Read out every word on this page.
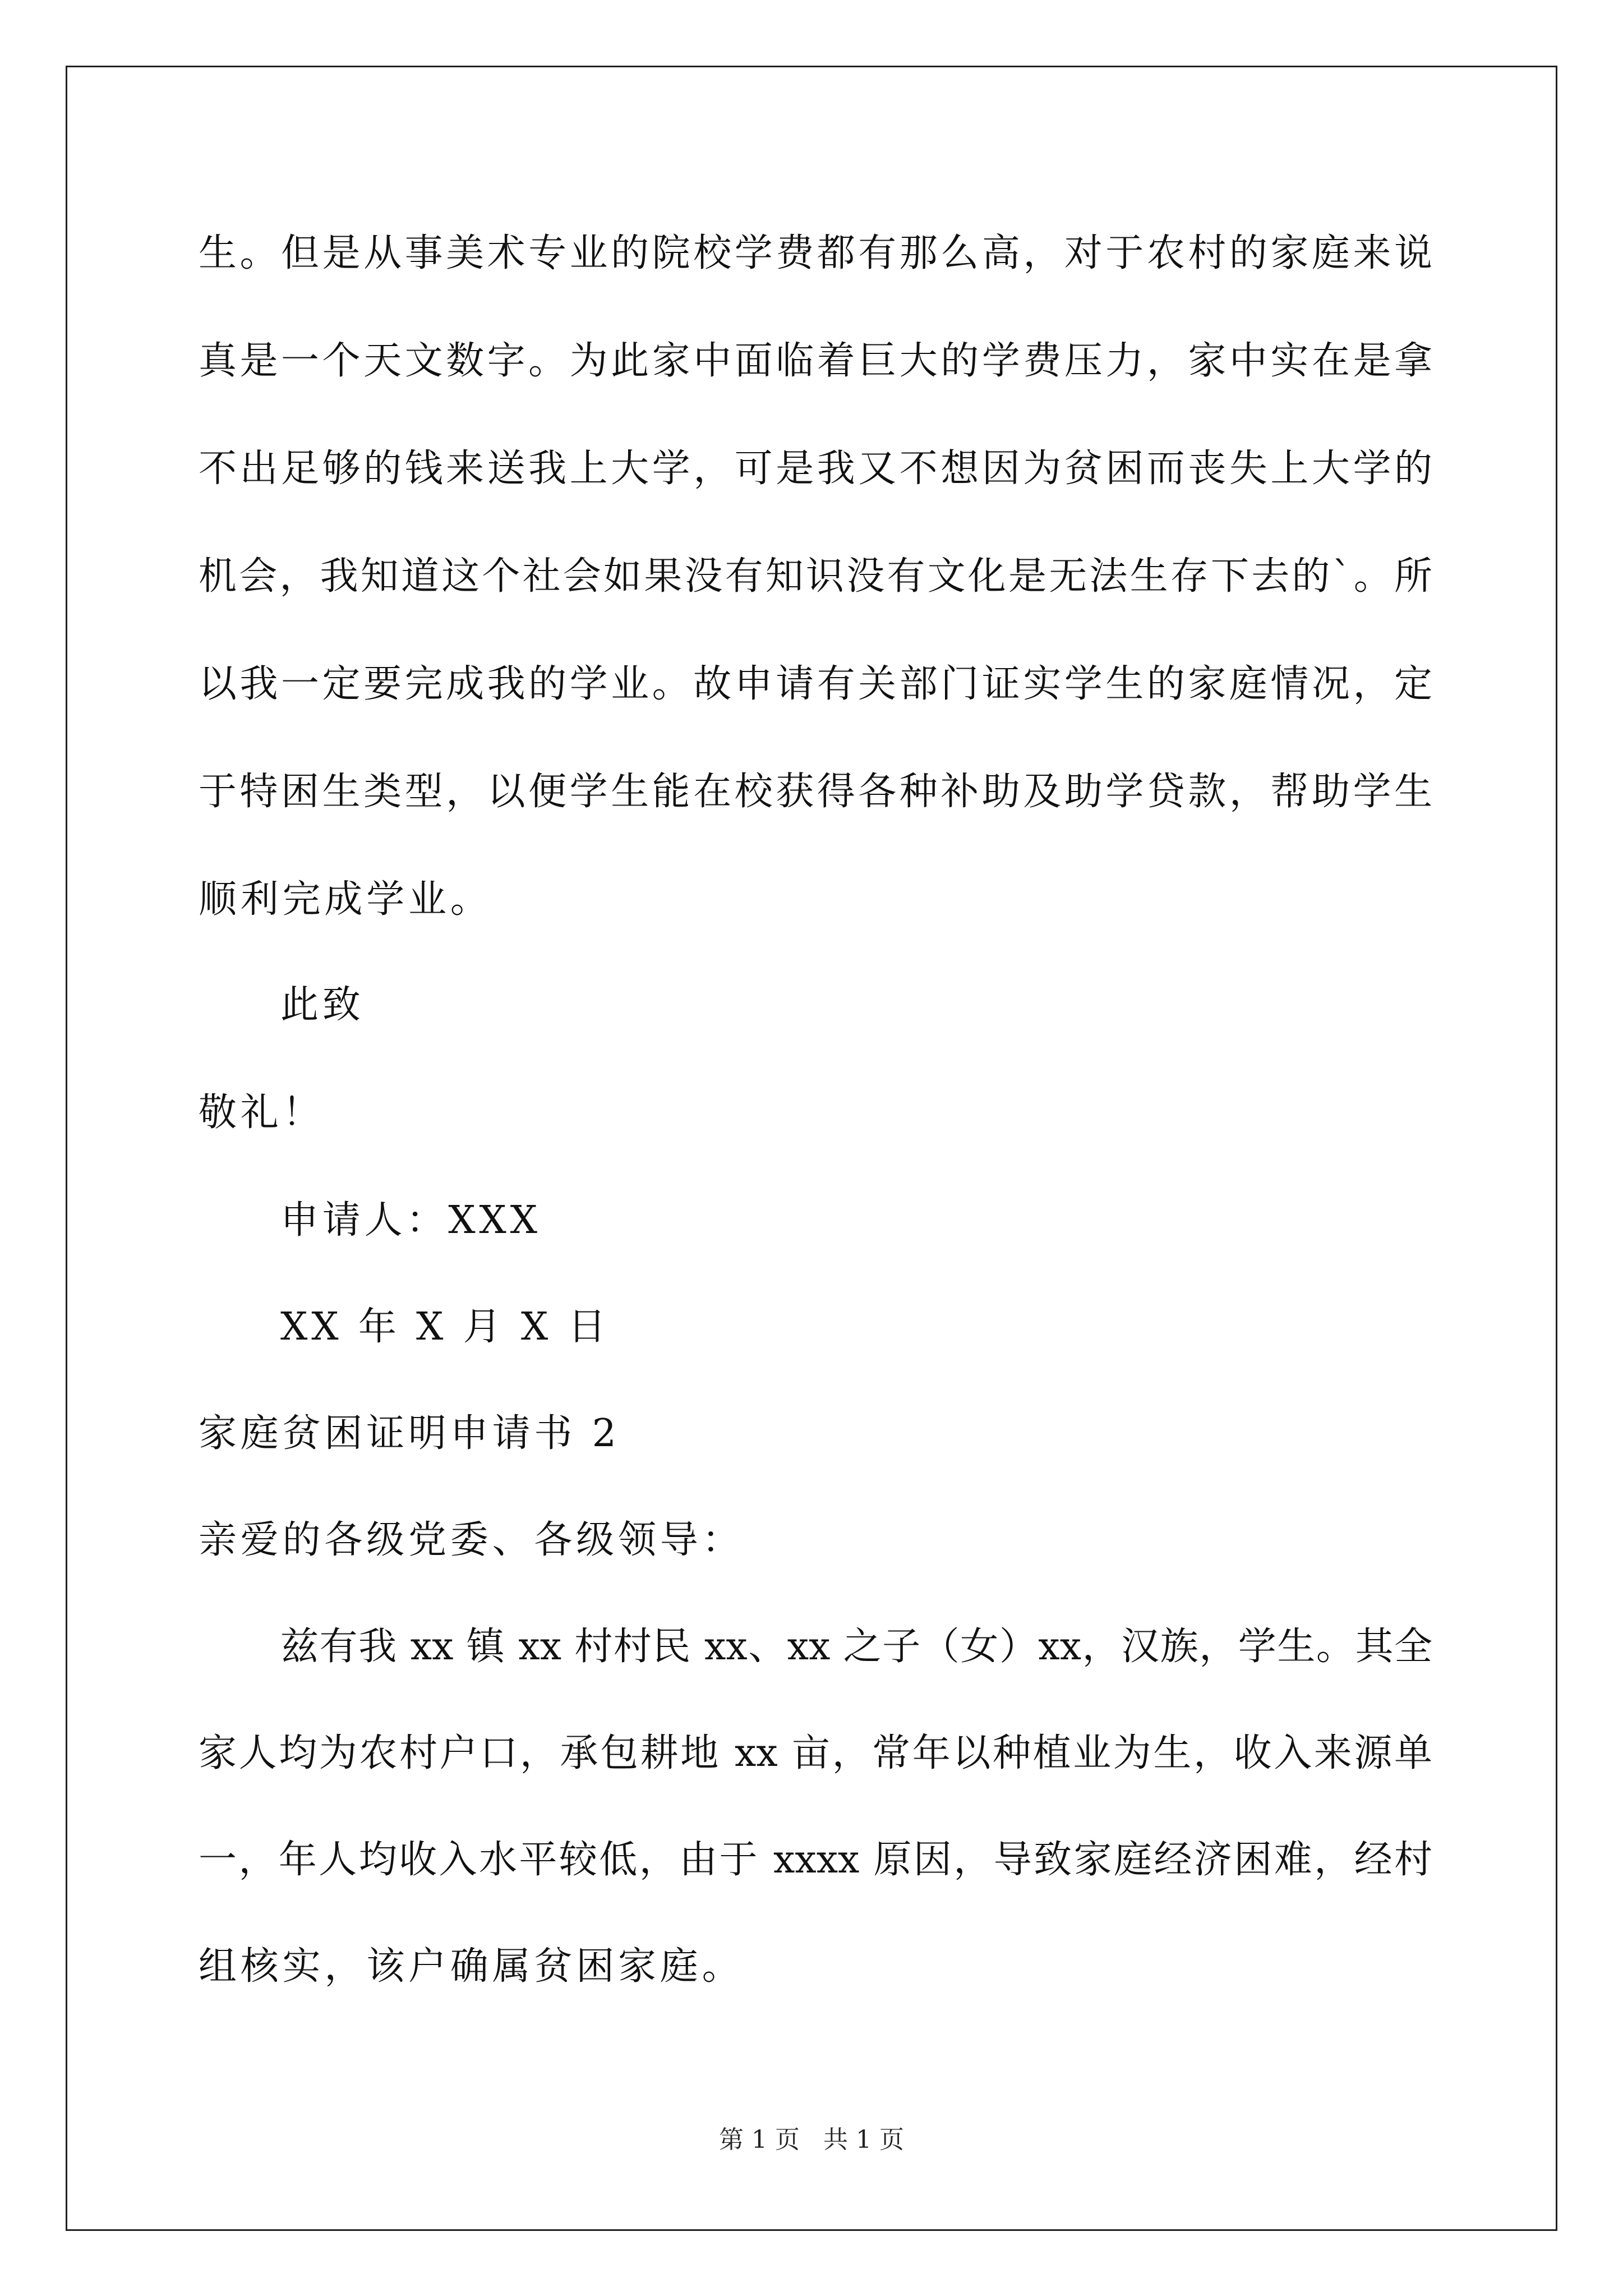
生。但是从事美术专业的院校学费都有那么高，对于农村的家庭来说
真是一个天文数字。为此家中面临着巨大的学费压力，家中实在是拿
不出足够的钱来送我上大学，可是我又不想因为贫困而丧失上大学的
机会，我知道这个社会如果没有知识没有文化是无法生存下去的`。所
以我一定要完成我的学业。故申请有关部门证实学生的家庭情况，定
于特困生类型，以便学生能在校获得各种补助及助学贷款，帮助学生
顺利完成学业。
此致
敬礼！
申请人：XXX
XX 年 X 月 X 日
家庭贫困证明申请书 2
亲爱的各级党委、各级领导：
兹有我 xx 镇 xx 村村民 xx、xx 之子（女）xx，汉族，学生。其全
家人均为农村户口，承包耕地 xx 亩，常年以种植业为生，收入来源单
一，年人均收入水平较低，由于 xxxx 原因，导致家庭经济困难，经村
组核实，该户确属贫困家庭。
第 1 页   共 1 页
